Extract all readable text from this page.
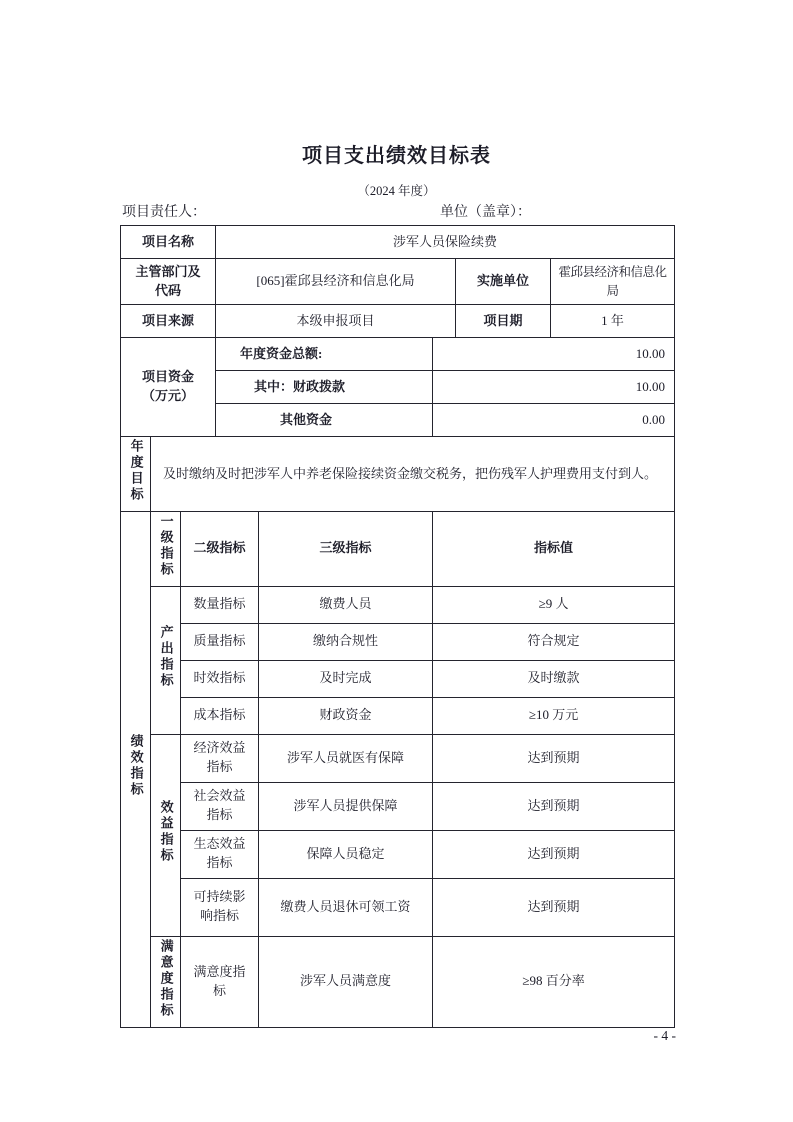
项目支出绩效目标表
（2024 年度）
项目责任人：	单位（盖章）：
项目名称			涉军人员保险续费				

主管部门及
代码			[065]霍邱县经济和信息化局			实施单位	霍邱县经济和信息化局
项目来源			本级申报项目			项目期	1 年

项目资金
（万元）			年度资金总额:		10.00		
			其中：财政拨款		10.00		
			其他资金		0.00		
年度目标	及时缴纳及时把涉军人中养老保险接续资金缴交税务，把伤残军人护理费用支付到人。						
绩效指标	一级指标	二级指标		三级指标	指标值		
	产出指标	数量指标		缴费人员	≥9 人		
		质量指标		缴纳合规性	符合规定		
		时效指标		及时完成	及时缴款		
		成本指标		财政资金	≥10 万元		
	效益指标	经济效益指标		涉军人员就医有保障	达到预期		
		社会效益指标		涉军人员提供保障	达到预期		
		生态效益指标		保障人员稳定	达到预期		
		可持续影响指标		缴费人员退休可领工资	达到预期		
	满意度指标	满意度指标		涉军人员满意度	≥98 百分率		
- 4 -
